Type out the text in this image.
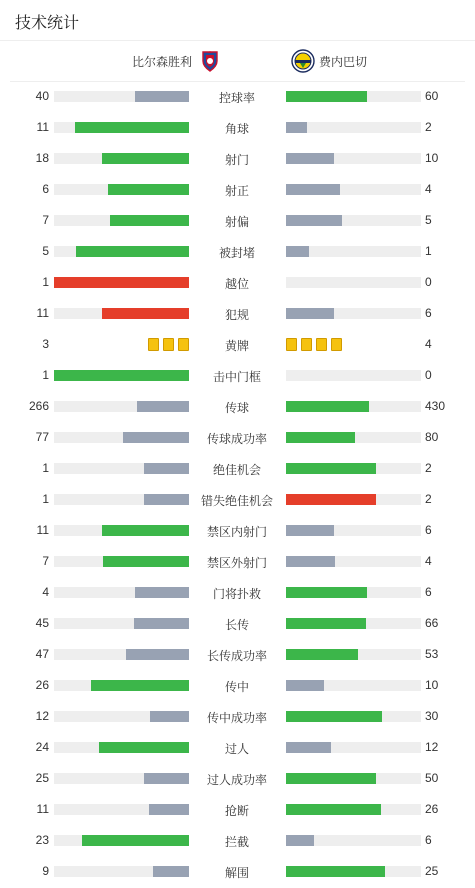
技术统计
比尔森胜利	费内巴切
40	控球率	60
11	角球	2
18	射门	10
6	射正	4
7	射偏	5
5	被封堵	1
1	越位	0
11	犯规	6
3	黄牌	4
1	击中门框	0
266	传球	430
77	传球成功率	80
1	绝佳机会	2
1	错失绝佳机会	2
11	禁区内射门	6
7	禁区外射门	4
4	门将扑救	6
45	长传	66
47	长传成功率	53
26	传中	10
12	传中成功率	30
24	过人	12
25	过人成功率	50
11	抢断	26
23	拦截	6
9	解围	25
